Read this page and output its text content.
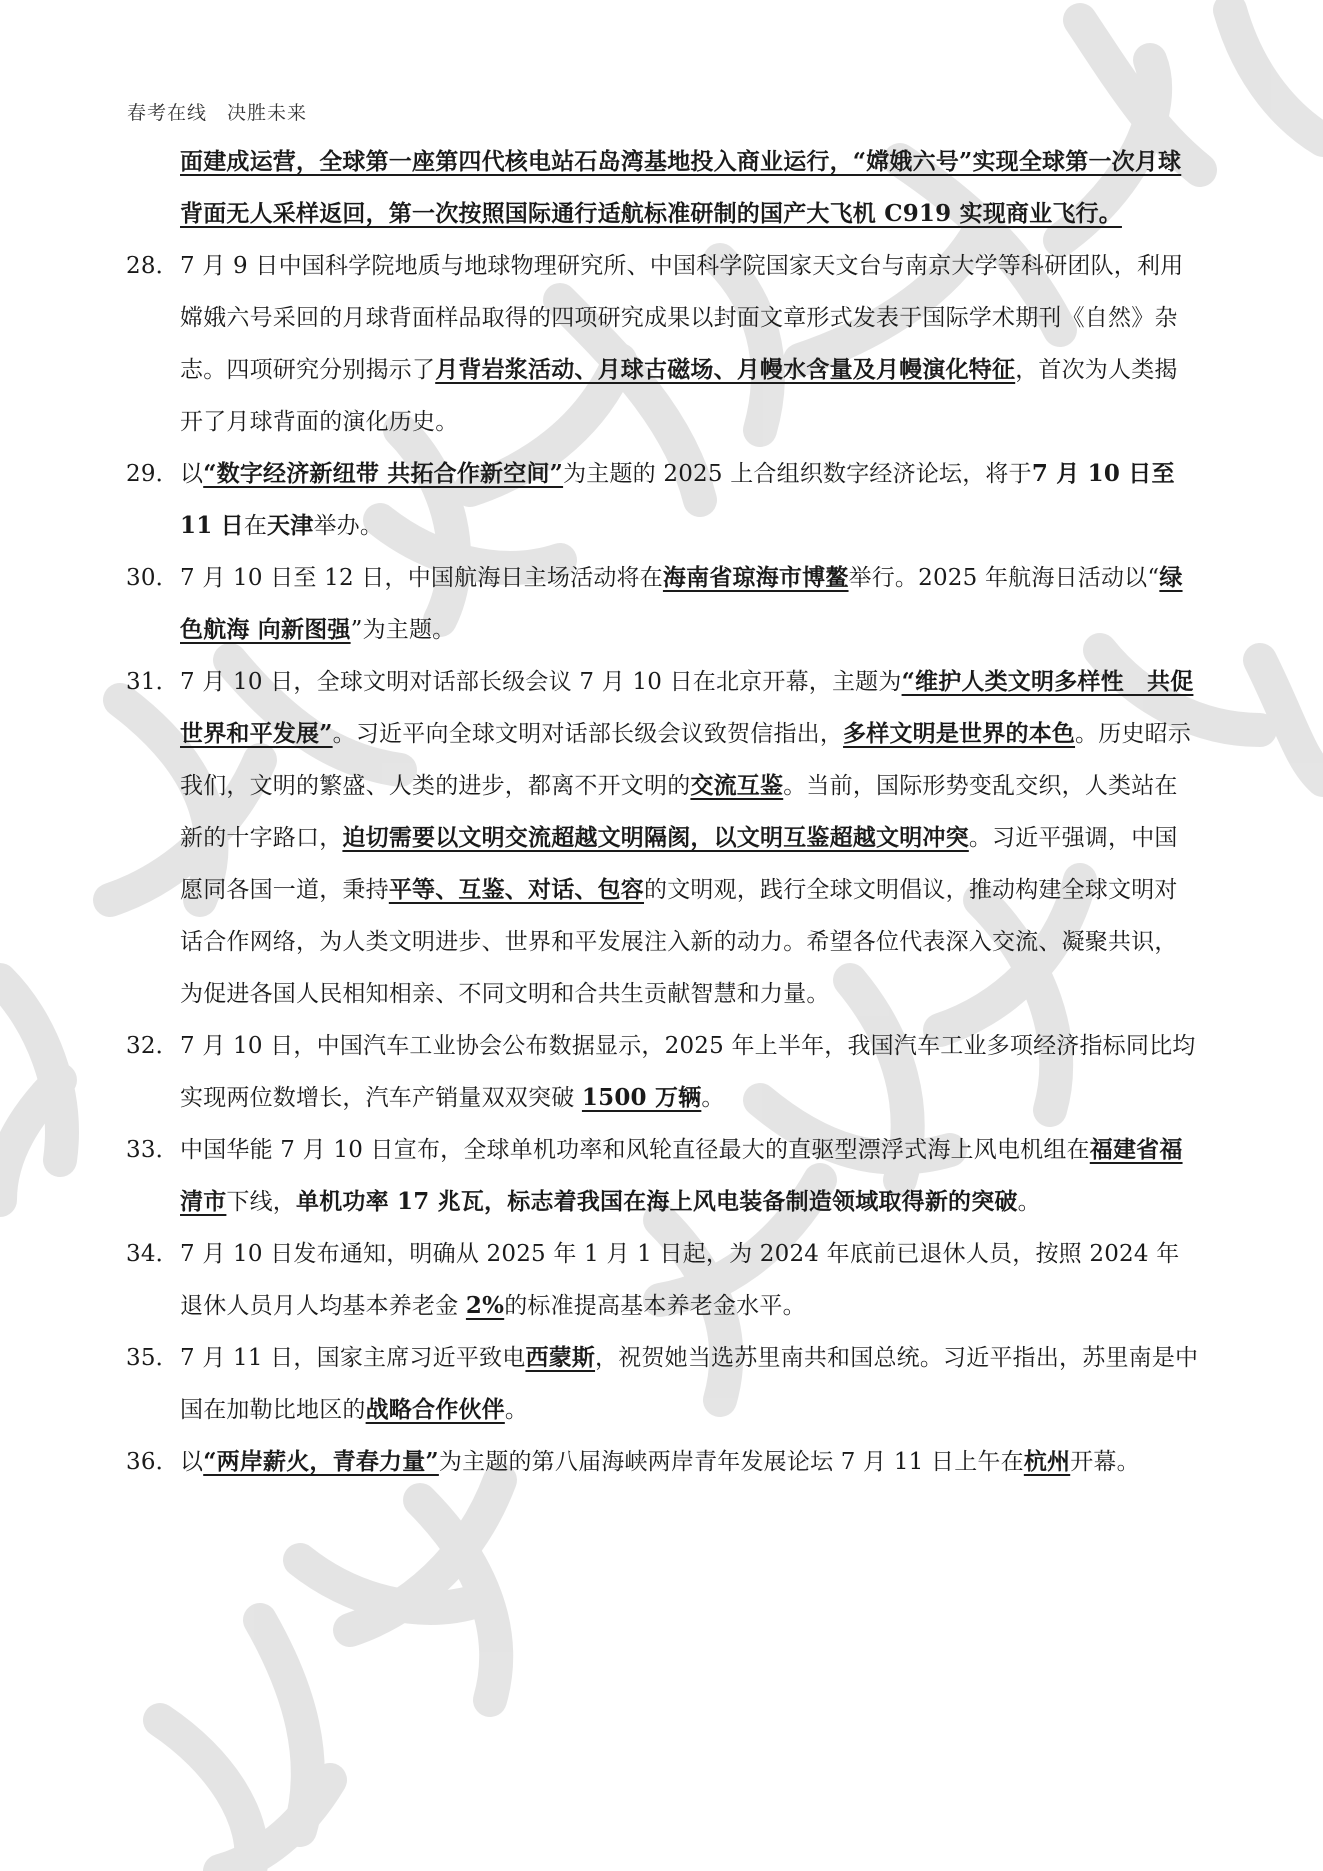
春考在线　决胜未来
面建成运营，全球第一座第四代核电站石岛湾基地投入商业运行，“嫦娥六号”实现全球第一次月球背面无人采样返回，第一次按照国际通行适航标准研制的国产大飞机 C919 实现商业飞行。
28． 7 月 9 日中国科学院地质与地球物理研究所、中国科学院国家天文台与南京大学等科研团队，利用嫦娥六号采回的月球背面样品取得的四项研究成果以封面文章形式发表于国际学术期刊《自然》杂志。四项研究分别揭示了月背岩浆活动、月球古磁场、月幔水含量及月幔演化特征，首次为人类揭开了月球背面的演化历史。
29． 以“数字经济新纽带 共拓合作新空间”为主题的 2025 上合组织数字经济论坛，将于7 月 10 日至 11 日在天津举办。
30． 7 月 10 日至 12 日，中国航海日主场活动将在海南省琼海市博鳌举行。2025 年航海日活动以“绿色航海 向新图强”为主题。
31． 7 月 10 日，全球文明对话部长级会议 7 月 10 日在北京开幕，主题为“维护人类文明多样性　共促世界和平发展”。习近平向全球文明对话部长级会议致贺信指出，多样文明是世界的本色。历史昭示我们，文明的繁盛、人类的进步，都离不开文明的交流互鉴。当前，国际形势变乱交织，人类站在新的十字路口，迫切需要以文明交流超越文明隔阂，以文明互鉴超越文明冲突。习近平强调，中国愿同各国一道，秉持平等、互鉴、对话、包容的文明观，践行全球文明倡议，推动构建全球文明对话合作网络，为人类文明进步、世界和平发展注入新的动力。希望各位代表深入交流、凝聚共识，为促进各国人民相知相亲、不同文明和合共生贡献智慧和力量。
32． 7 月 10 日，中国汽车工业协会公布数据显示，2025 年上半年，我国汽车工业多项经济指标同比均实现两位数增长，汽车产销量双双突破 1500 万辆。
33． 中国华能 7 月 10 日宣布，全球单机功率和风轮直径最大的直驱型漂浮式海上风电机组在福建省福清市下线，单机功率 17 兆瓦，标志着我国在海上风电装备制造领域取得新的突破。
34． 7 月 10 日发布通知，明确从 2025 年 1 月 1 日起，为 2024 年底前已退休人员，按照 2024 年退休人员月人均基本养老金 2%的标准提高基本养老金水平。
35． 7 月 11 日，国家主席习近平致电西蒙斯，祝贺她当选苏里南共和国总统。习近平指出，苏里南是中国在加勒比地区的战略合作伙伴。
36． 以“两岸薪火，青春力量”为主题的第八届海峡两岸青年发展论坛 7 月 11 日上午在杭州开幕。
